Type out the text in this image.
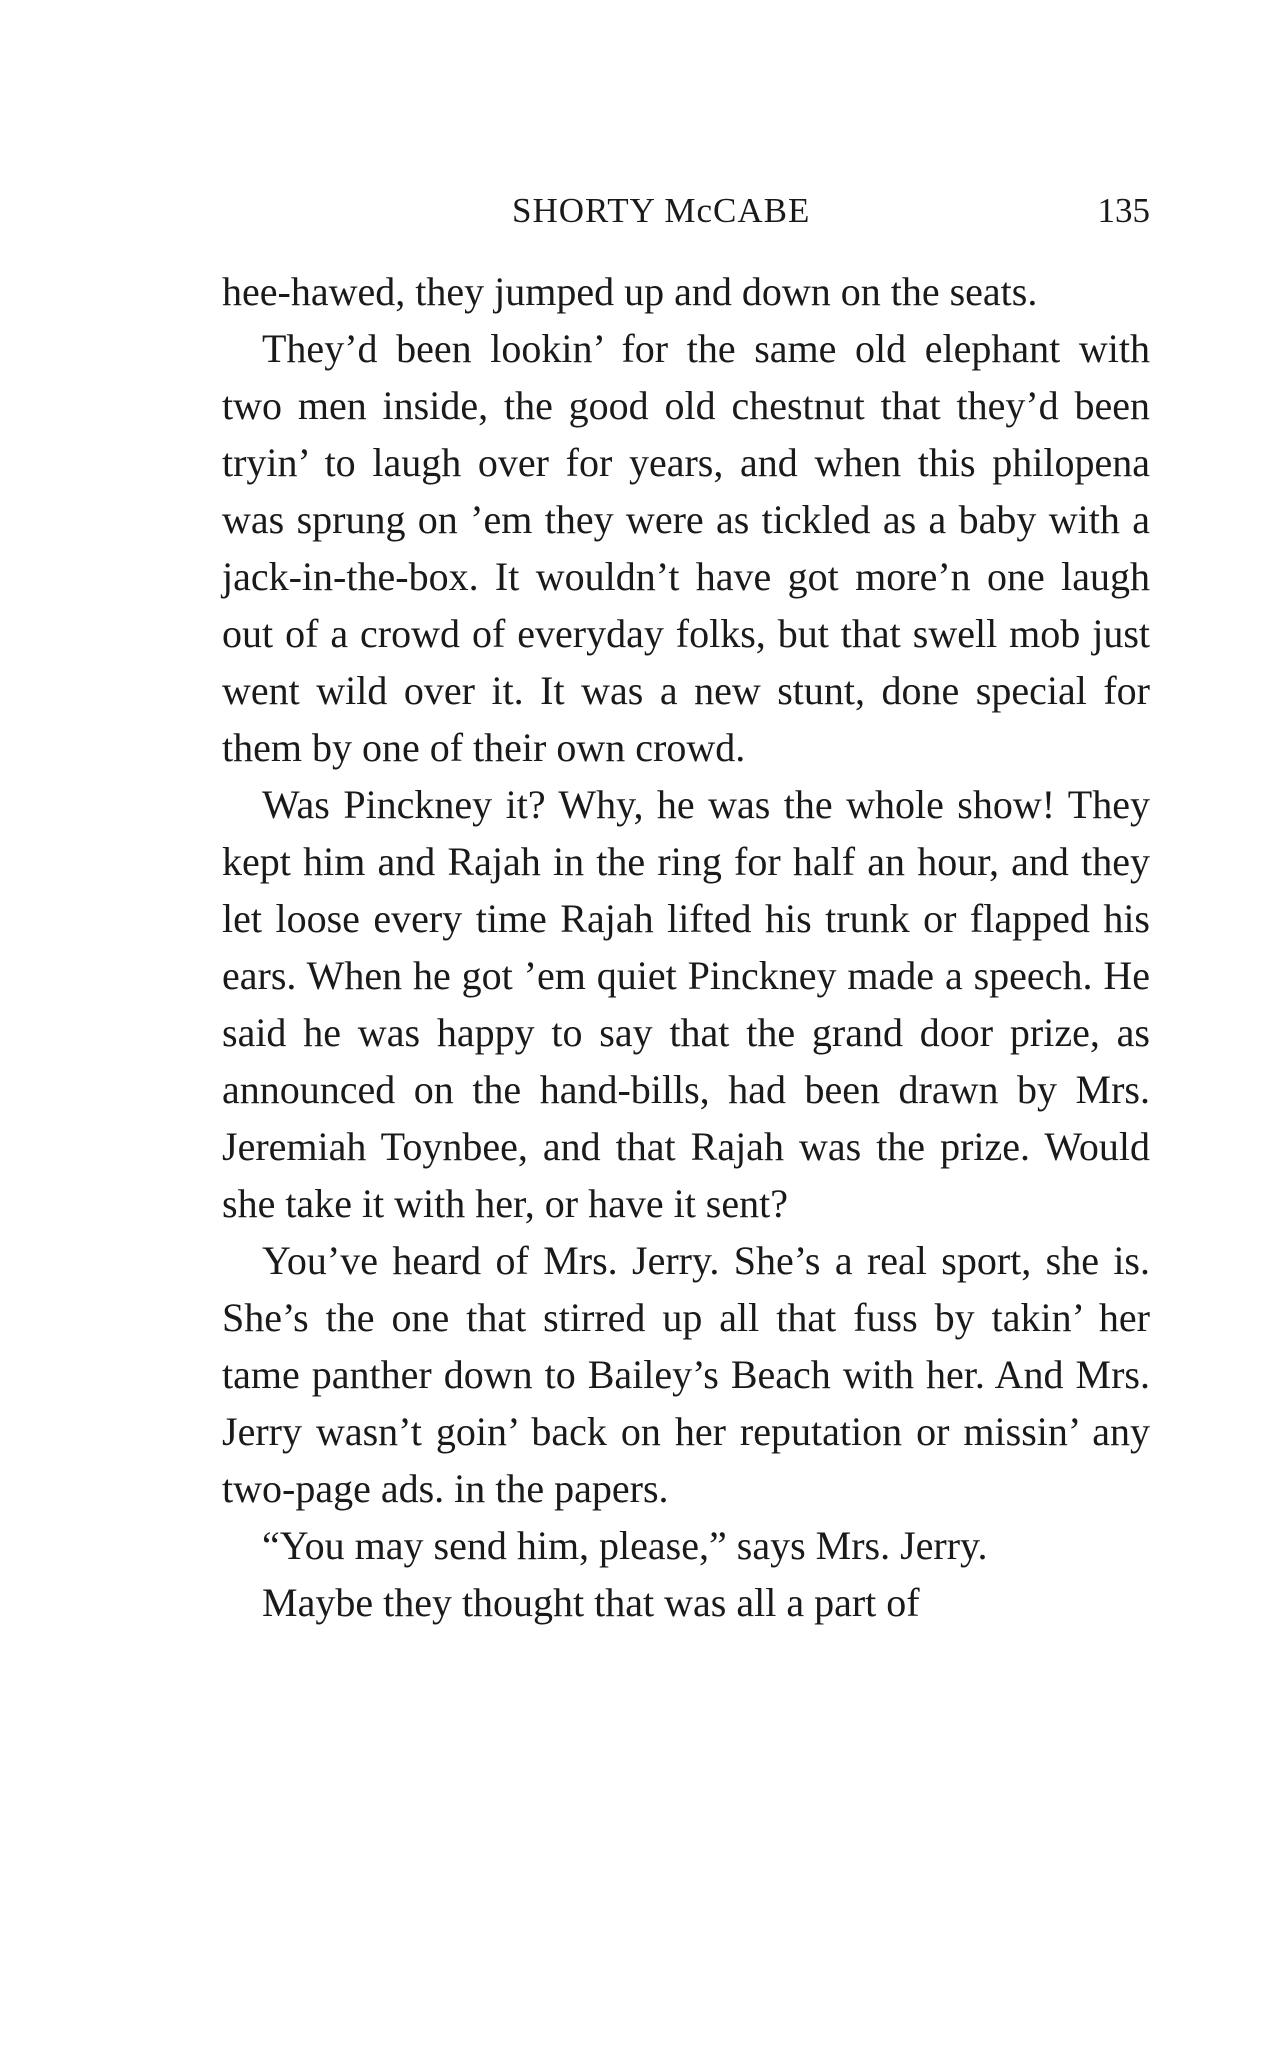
SHORTY McCABE	135

hee-hawed, they jumped up and down on the seats.

They’d been lookin’ for the same old elephant with two men inside, the good old chestnut that they’d been tryin’ to laugh over for years, and when this philopena was sprung on ’em they were as tickled as a baby with a jack-in-the-box. It wouldn’t have got more’n one laugh out of a crowd of everyday folks, but that swell mob just went wild over it. It was a new stunt, done special for them by one of their own crowd.

Was Pinckney it? Why, he was the whole show! They kept him and Rajah in the ring for half an hour, and they let loose every time Rajah lifted his trunk or flapped his ears. When he got ’em quiet Pinckney made a speech. He said he was happy to say that the grand door prize, as announced on the hand-bills, had been drawn by Mrs. Jeremiah Toynbee, and that Rajah was the prize. Would she take it with her, or have it sent?

You’ve heard of Mrs. Jerry. She’s a real sport, she is. She’s the one that stirred up all that fuss by takin’ her tame panther down to Bailey’s Beach with her. And Mrs. Jerry wasn’t goin’ back on her reputation or missin’ any two-page ads. in the papers.

“You may send him, please,” says Mrs. Jerry.

Maybe they thought that was all a part of
